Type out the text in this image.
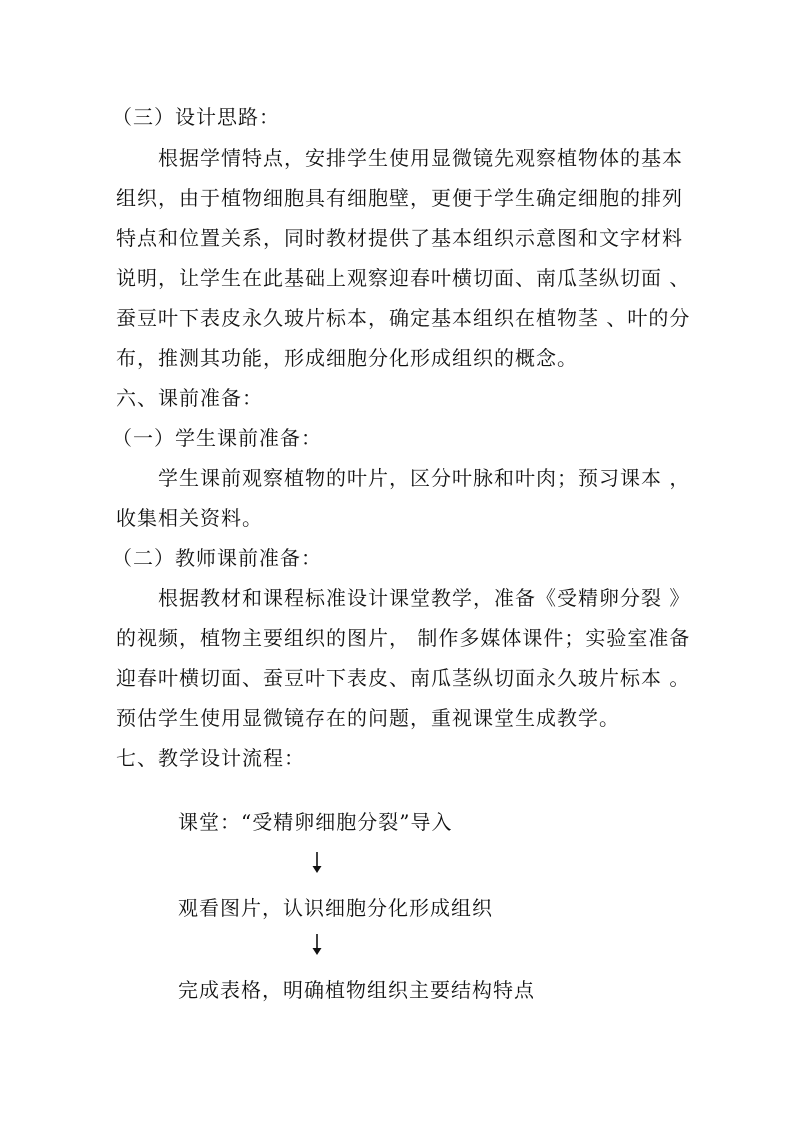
（三）设计思路：
根据学情特点，安排学生使用显微镜先观察植物体的基本
组织，由于植物细胞具有细胞壁，更便于学生确定细胞的排列
特点和位置关系，同时教材提供了基本组织示意图和文字材料
说明，让学生在此基础上观察迎春叶横切面、南瓜茎纵切面 、
蚕豆叶下表皮永久玻片标本，确定基本组织在植物茎 、叶的分
布，推测其功能，形成细胞分化形成组织的概念。
六、课前准备：
（一）学生课前准备：
学生课前观察植物的叶片，区分叶脉和叶肉；预习课本 ，
收集相关资料。
（二）教师课前准备：
根据教材和课程标准设计课堂教学，准备《受精卵分裂 》
的视频，植物主要组织的图片， 制作多媒体课件；实验室准备
迎春叶横切面、蚕豆叶下表皮、南瓜茎纵切面永久玻片标本 。
预估学生使用显微镜存在的问题，重视课堂生成教学。
七、教学设计流程：
课堂：“受精卵细胞分裂”导入
观看图片，认识细胞分化形成组织
完成表格，明确植物组织主要结构特点
